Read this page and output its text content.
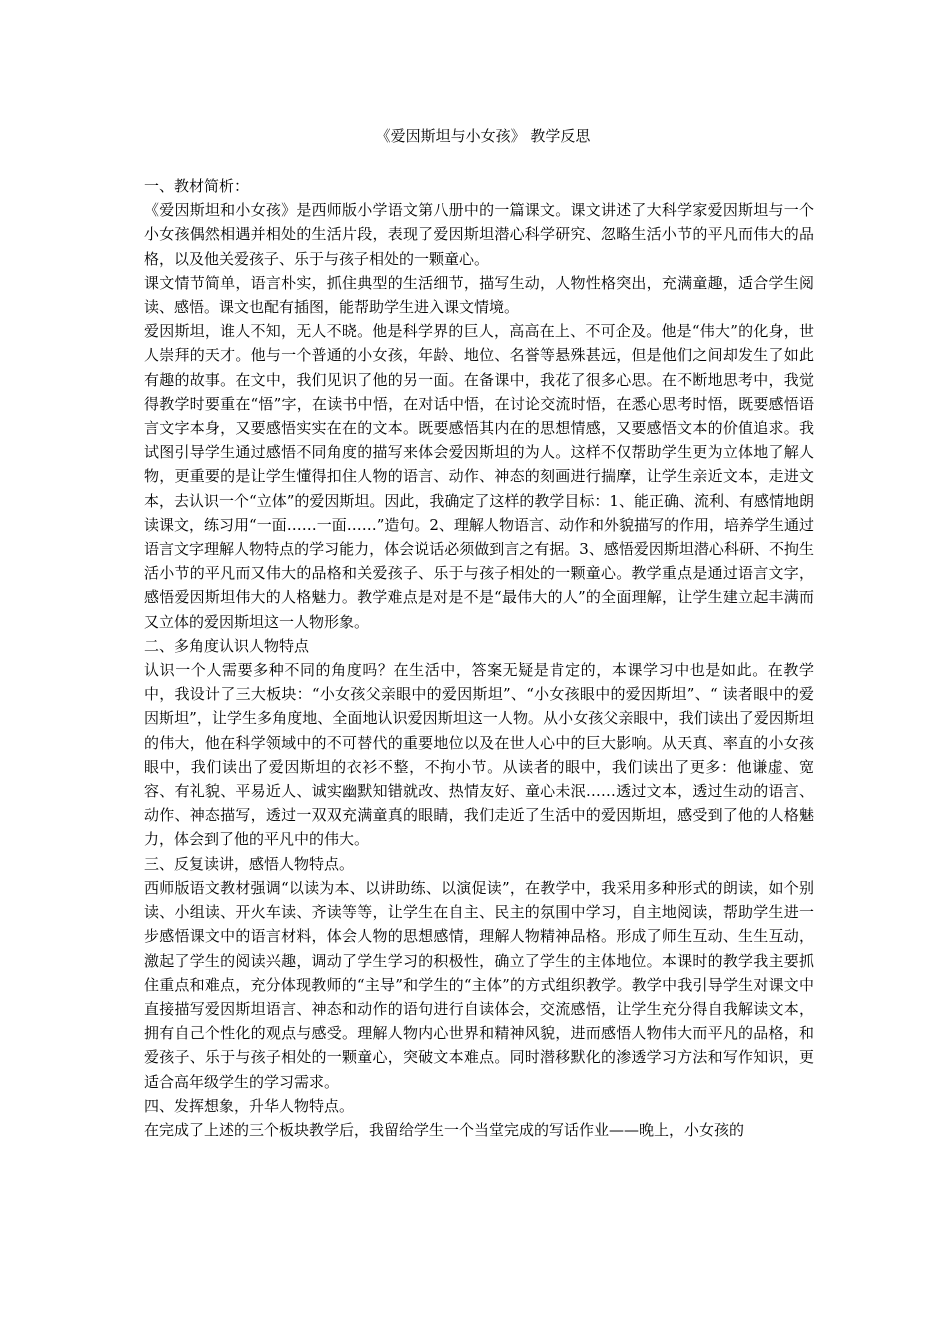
《爱因斯坦与小女孩》 教学反思

一、教材简析：

《爱因斯坦和小女孩》是西师版小学语文第八册中的一篇课文。课文讲述了大科学家爱因斯坦与一个小女孩偶然相遇并相处的生活片段，表现了爱因斯坦潜心科学研究、忽略生活小节的平凡而伟大的品格，以及他关爱孩子、乐于与孩子相处的一颗童心。

课文情节简单，语言朴实，抓住典型的生活细节，描写生动，人物性格突出，充满童趣，适合学生阅读、感悟。课文也配有插图，能帮助学生进入课文情境。

爱因斯坦，谁人不知，无人不晓。他是科学界的巨人，高高在上、不可企及。他是“伟大”的化身，世人崇拜的天才。他与一个普通的小女孩，年龄、地位、名誉等悬殊甚远，但是他们之间却发生了如此有趣的故事。在文中，我们见识了他的另一面。在备课中，我花了很多心思。在不断地思考中，我觉得教学时要重在“悟”字，在读书中悟，在对话中悟，在讨论交流时悟，在悉心思考时悟，既要感悟语言文字本身，又要感悟实实在在的文本。既要感悟其内在的思想情感，又要感悟文本的价值追求。我试图引导学生通过感悟不同角度的描写来体会爱因斯坦的为人。这样不仅帮助学生更为立体地了解人物，更重要的是让学生懂得扣住人物的语言、动作、神态的刻画进行揣摩，让学生亲近文本，走进文本，去认识一个“立体”的爱因斯坦。因此，我确定了这样的教学目标：1、能正确、流利、有感情地朗读课文，练习用“一面……一面……”造句。2、理解人物语言、动作和外貌描写的作用，培养学生通过语言文字理解人物特点的学习能力，体会说话必须做到言之有据。3、感悟爱因斯坦潜心科研、不拘生活小节的平凡而又伟大的品格和关爱孩子、乐于与孩子相处的一颗童心。教学重点是通过语言文字，感悟爱因斯坦伟大的人格魅力。教学难点是对是不是“最伟大的人”的全面理解，让学生建立起丰满而又立体的爱因斯坦这一人物形象。

二、多角度认识人物特点

认识一个人需要多种不同的角度吗？在生活中，答案无疑是肯定的，本课学习中也是如此。在教学中，我设计了三大板块：“小女孩父亲眼中的爱因斯坦”、“小女孩眼中的爱因斯坦”、“ 读者眼中的爱因斯坦”，让学生多角度地、全面地认识爱因斯坦这一人物。从小女孩父亲眼中，我们读出了爱因斯坦的伟大，他在科学领域中的不可替代的重要地位以及在世人心中的巨大影响。从天真、率直的小女孩眼中，我们读出了爱因斯坦的衣衫不整，不拘小节。从读者的眼中，我们读出了更多：他谦虚、宽容、有礼貌、平易近人、诚实幽默知错就改、热情友好、童心未泯……透过文本，透过生动的语言、动作、神态描写，透过一双双充满童真的眼睛，我们走近了生活中的爱因斯坦，感受到了他的人格魅力，体会到了他的平凡中的伟大。

三、反复读讲，感悟人物特点。

西师版语文教材强调“以读为本、以讲助练、以演促读”，在教学中，我采用多种形式的朗读，如个别读、小组读、开火车读、齐读等等，让学生在自主、民主的氛围中学习，自主地阅读，帮助学生进一步感悟课文中的语言材料，体会人物的思想感情，理解人物精神品格。形成了师生互动、生生互动，激起了学生的阅读兴趣，调动了学生学习的积极性，确立了学生的主体地位。本课时的教学我主要抓住重点和难点，充分体现教师的“主导”和学生的“主体”的方式组织教学。教学中我引导学生对课文中直接描写爱因斯坦语言、神态和动作的语句进行自读体会，交流感悟，让学生充分得自我解读文本，拥有自己个性化的观点与感受。理解人物内心世界和精神风貌，进而感悟人物伟大而平凡的品格，和爱孩子、乐于与孩子相处的一颗童心，突破文本难点。同时潜移默化的渗透学习方法和写作知识，更适合高年级学生的学习需求。

四、发挥想象，升华人物特点。

在完成了上述的三个板块教学后，我留给学生一个当堂完成的写话作业——晚上，小女孩的
